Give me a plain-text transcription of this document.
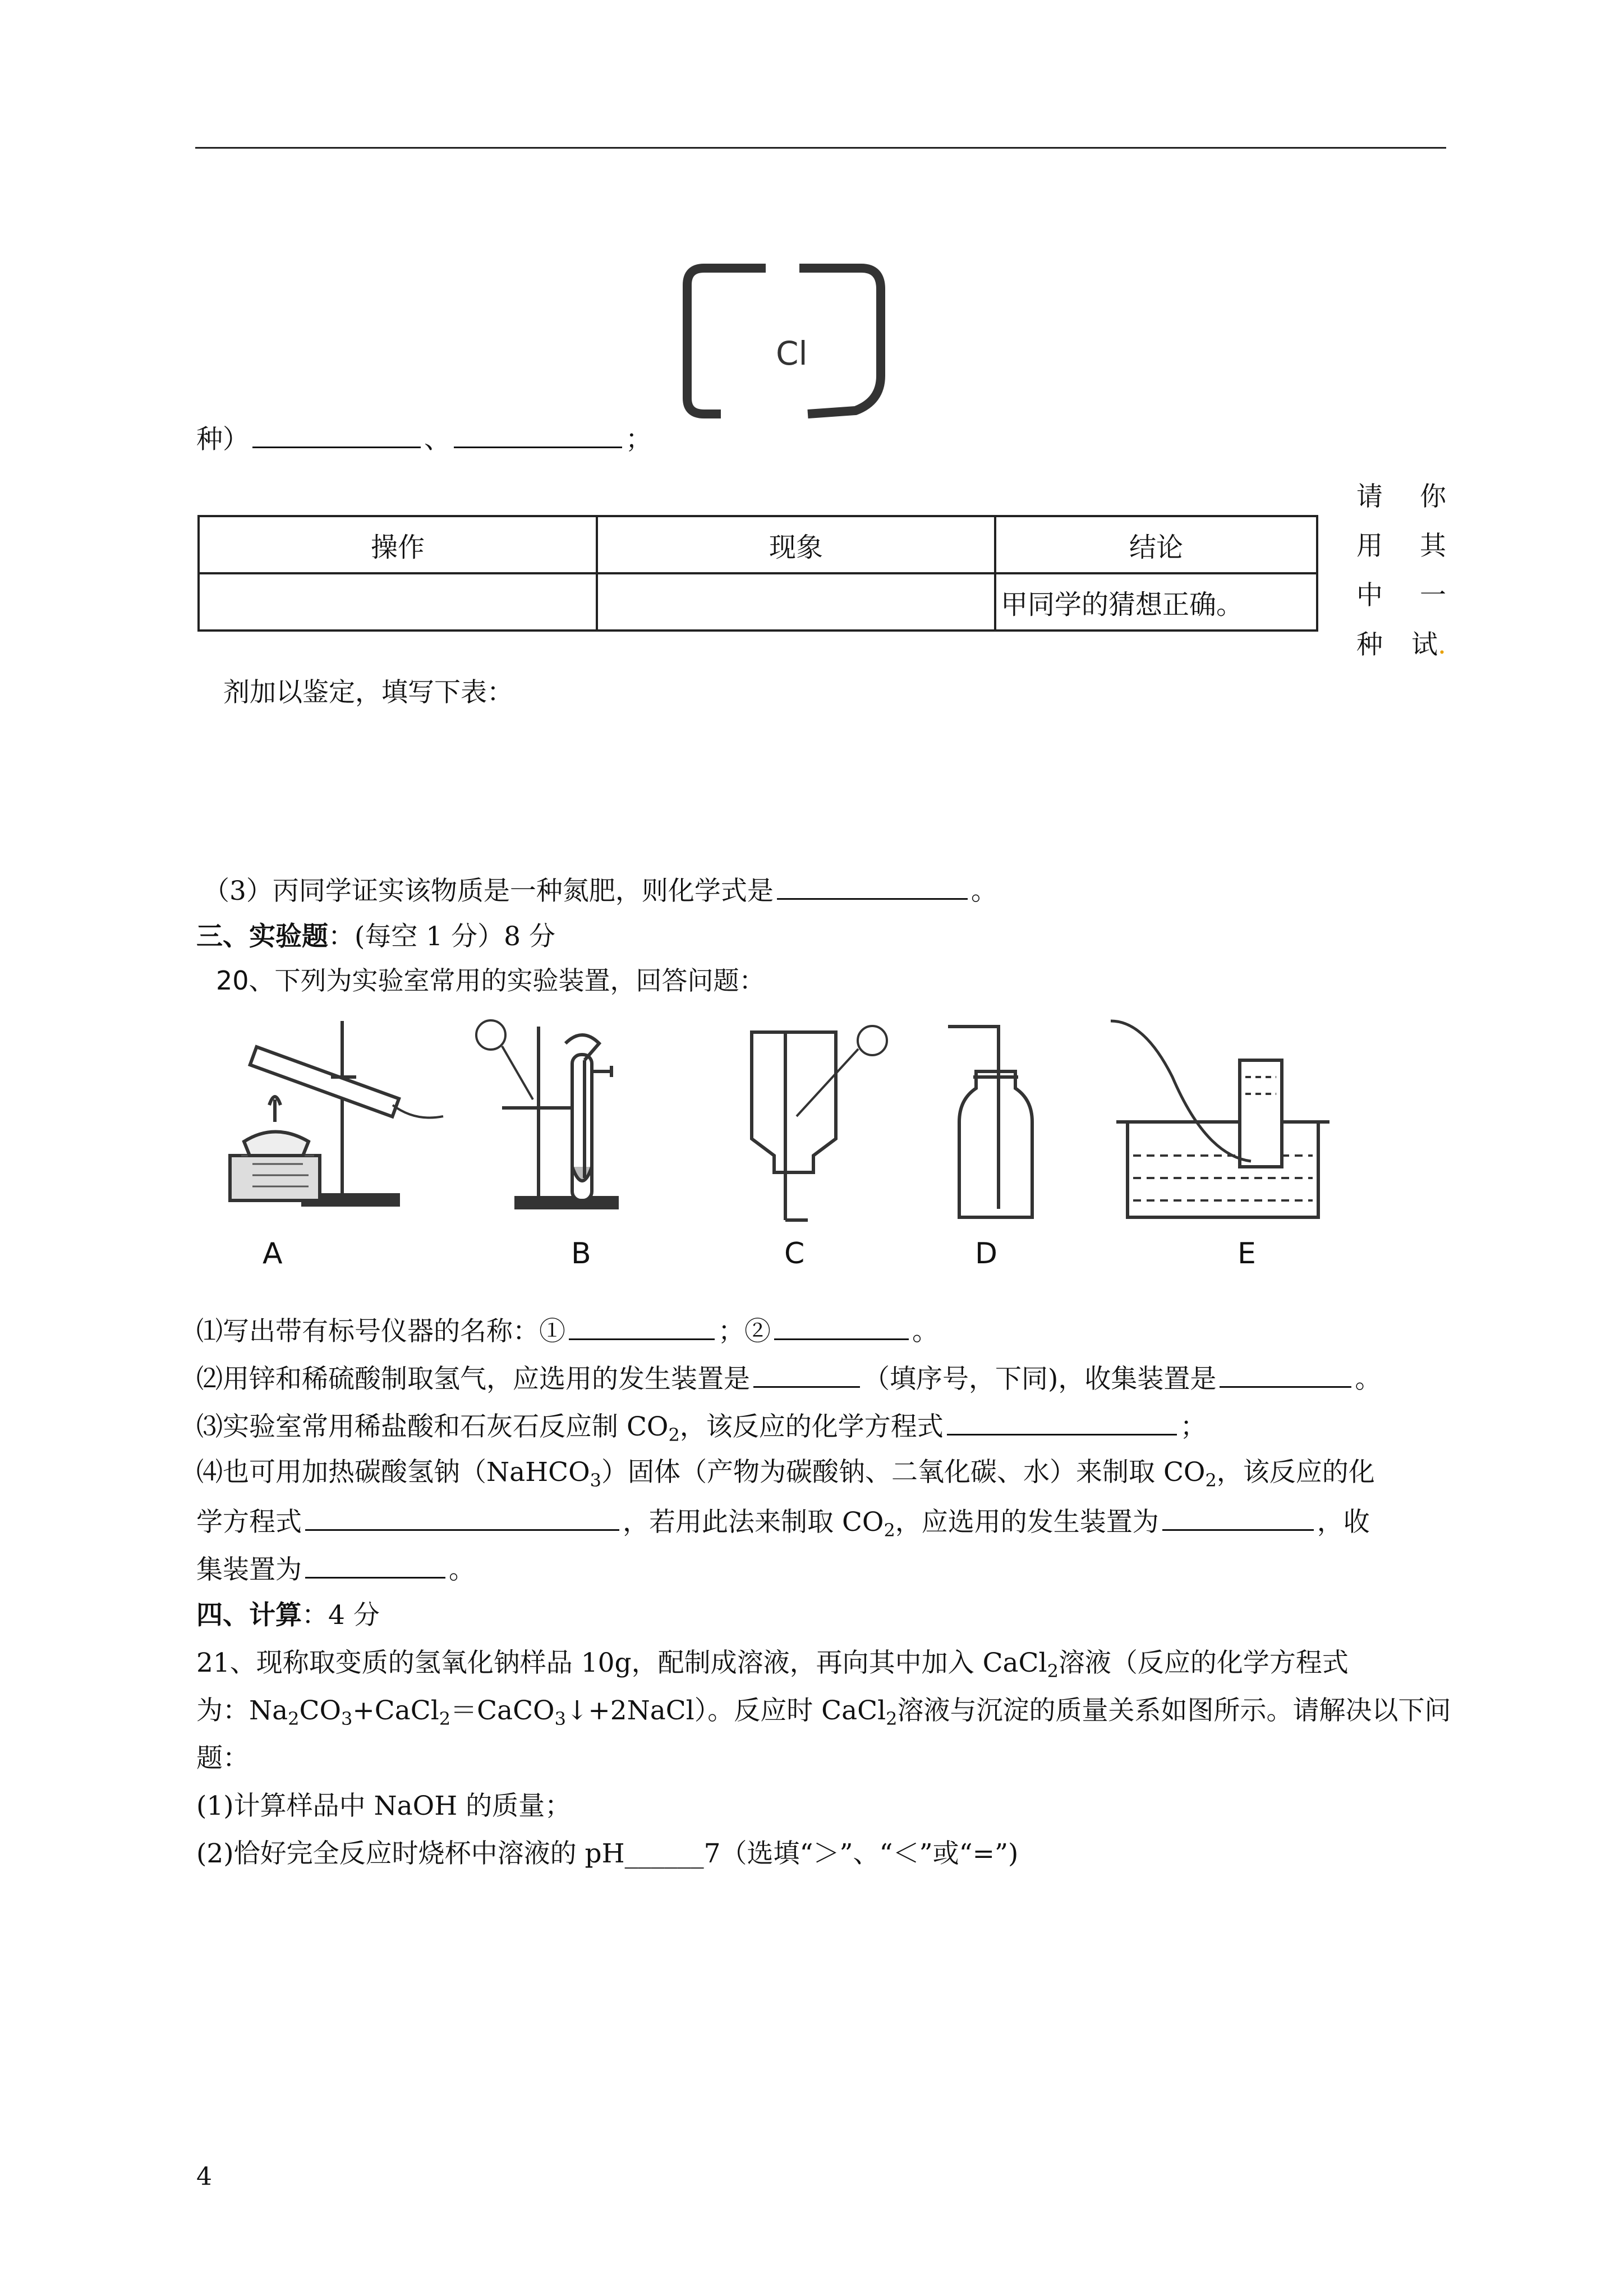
Cl
种）	、	；
请 你
用 其
中 一
种 试.
操作	现象	结论
		甲同学的猜想正确。
剂加以鉴定，填写下表：
（3）丙同学证实该物质是一种氮肥，则化学式是	。
三、实验题：(每空 1 分）8 分
20、下列为实验室常用的实验装置，回答问题：
A	B	C	D	E
⑴写出带有标号仪器的名称：①	；②	。
⑵用锌和稀硫酸制取氢气，应选用的发生装置是	（填序号，下同)，收集装置是	。
⑶实验室常用稀盐酸和石灰石反应制 $CO_2$，该反应的化学方程式	；
⑷也可用加热碳酸氢钠（NaHCO$_3$）固体（产物为碳酸钠、二氧化碳、水）来制取 $CO_2$，该反应的化
学方程式	，若用此法来制取 $CO_2$，应选用的发生装置为	，收
集装置为	。
四、计算：4 分
21、现称取变质的氢氧化钠样品 10g，配制成溶液，再向其中加入 CaCl$_2$溶液（反应的化学方程式
为：$Na_2CO_3+CaCl_2=CaCO_3↓+2NaCl$）。反应时 CaCl$_2$溶液与沉淀的质量关系如图所示。请解决以下问
题：
(1)计算样品中 NaOH 的质量；
(2)恰好完全反应时烧杯中溶液的 pH______7（选填“＞”、“＜”或“=”)
4
